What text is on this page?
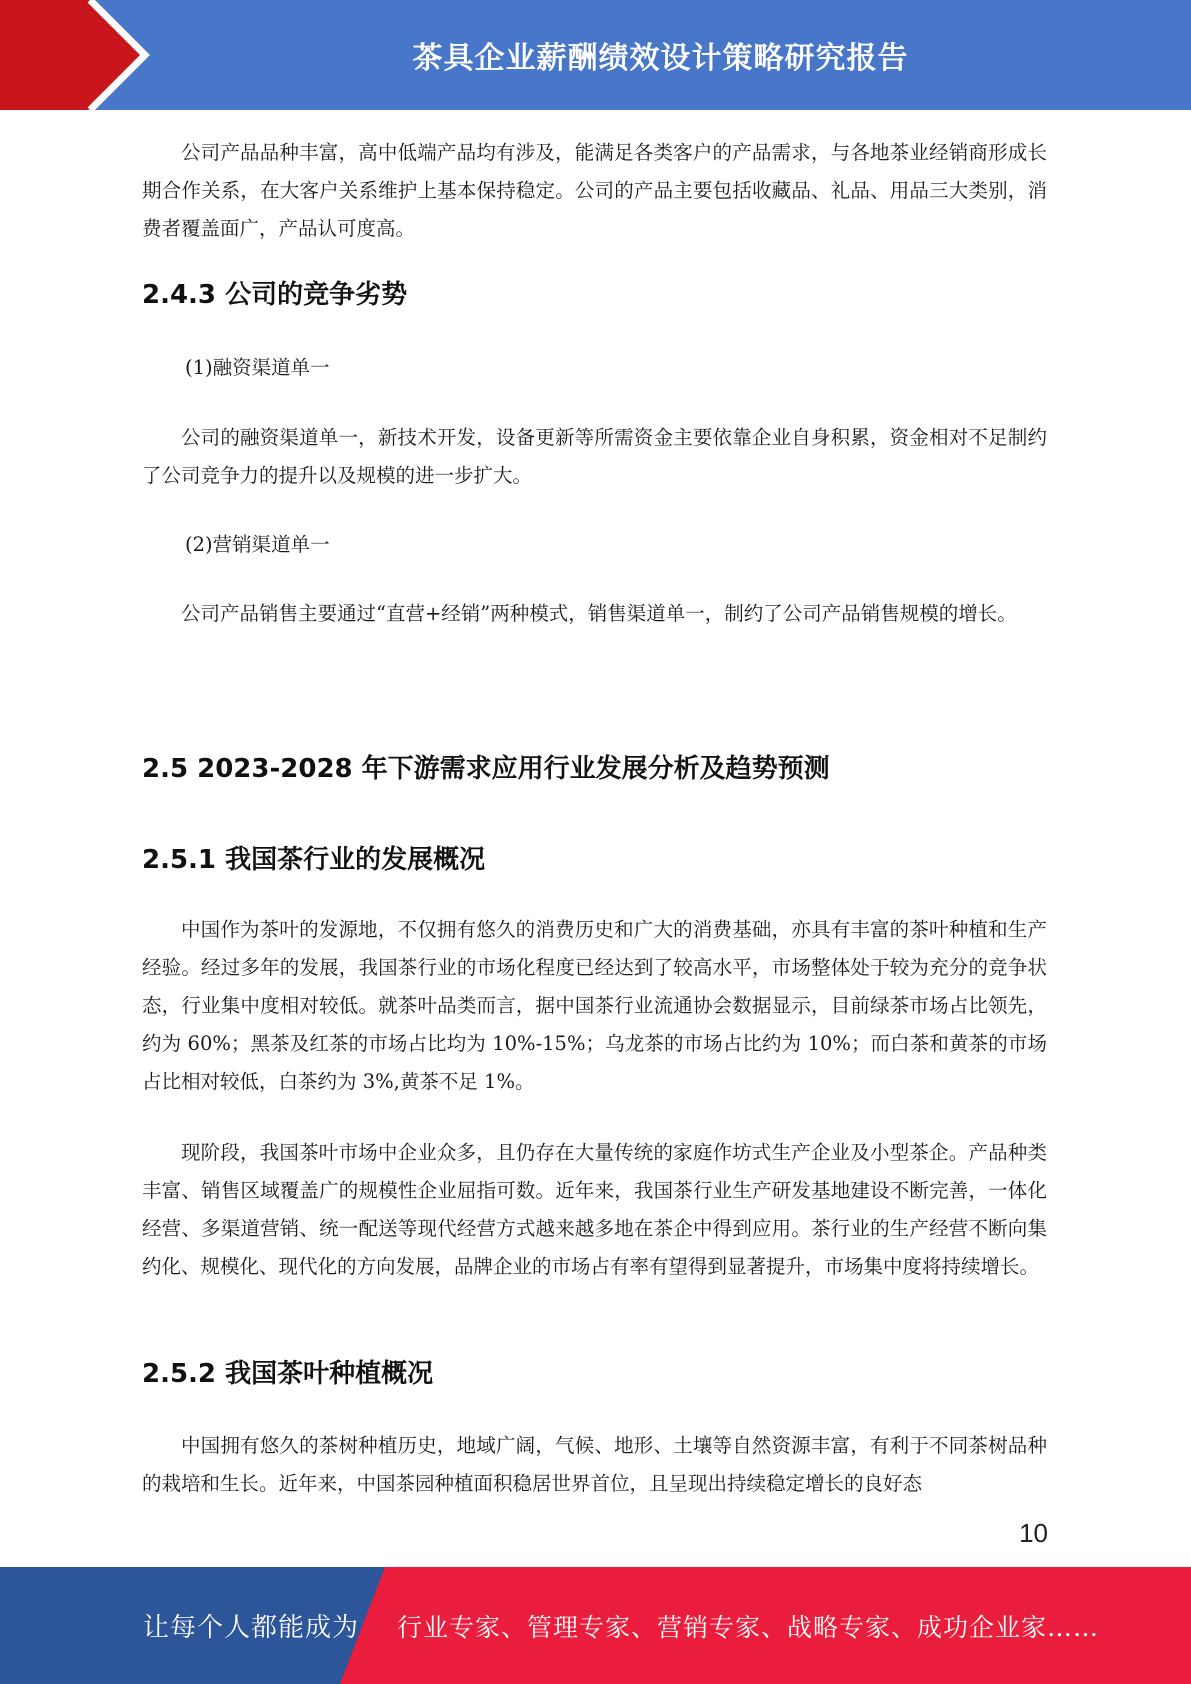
茶具企业薪酬绩效设计策略研究报告

公司产品品种丰富，高中低端产品均有涉及，能满足各类客户的产品需求，与各地茶业经销商形成长期合作关系，在大客户关系维护上基本保持稳定。公司的产品主要包括收藏品、礼品、用品三大类别，消费者覆盖面广，产品认可度高。

2.4.3 公司的竞争劣势
(1)融资渠道单一

公司的融资渠道单一，新技术开发，设备更新等所需资金主要依靠企业自身积累，资金相对不足制约了公司竞争力的提升以及规模的进一步扩大。

(2)营销渠道单一

公司产品销售主要通过“直营+经销”两种模式，销售渠道单一，制约了公司产品销售规模的增长。

2.5 2023-2028 年下游需求应用行业发展分析及趋势预测
2.5.1 我国茶行业的发展概况

中国作为茶叶的发源地，不仅拥有悠久的消费历史和广大的消费基础，亦具有丰富的茶叶种植和生产经验。经过多年的发展，我国茶行业的市场化程度已经达到了较高水平，市场整体处于较为充分的竞争状态，行业集中度相对较低。就茶叶品类而言，据中国茶行业流通协会数据显示，目前绿茶市场占比领先，约为 60%；黑茶及红茶的市场占比均为 10%-15%；乌龙茶的市场占比约为 10%；而白茶和黄茶的市场占比相对较低，白茶约为 3%,黄茶不足 1%。

现阶段，我国茶叶市场中企业众多，且仍存在大量传统的家庭作坊式生产企业及小型茶企。产品种类丰富、销售区域覆盖广的规模性企业屈指可数。近年来，我国茶行业生产研发基地建设不断完善，一体化经营、多渠道营销、统一配送等现代经营方式越来越多地在茶企中得到应用。茶行业的生产经营不断向集约化、规模化、现代化的方向发展，品牌企业的市场占有率有望得到显著提升，市场集中度将持续增长。

2.5.2 我国茶叶种植概况

中国拥有悠久的茶树种植历史，地域广阔，气候、地形、土壤等自然资源丰富，有利于不同茶树品种的栽培和生长。近年来，中国茶园种植面积稳居世界首位，且呈现出持续稳定增长的良好态

10
让每个人都能成为 行业专家、管理专家、营销专家、战略专家、成功企业家……
